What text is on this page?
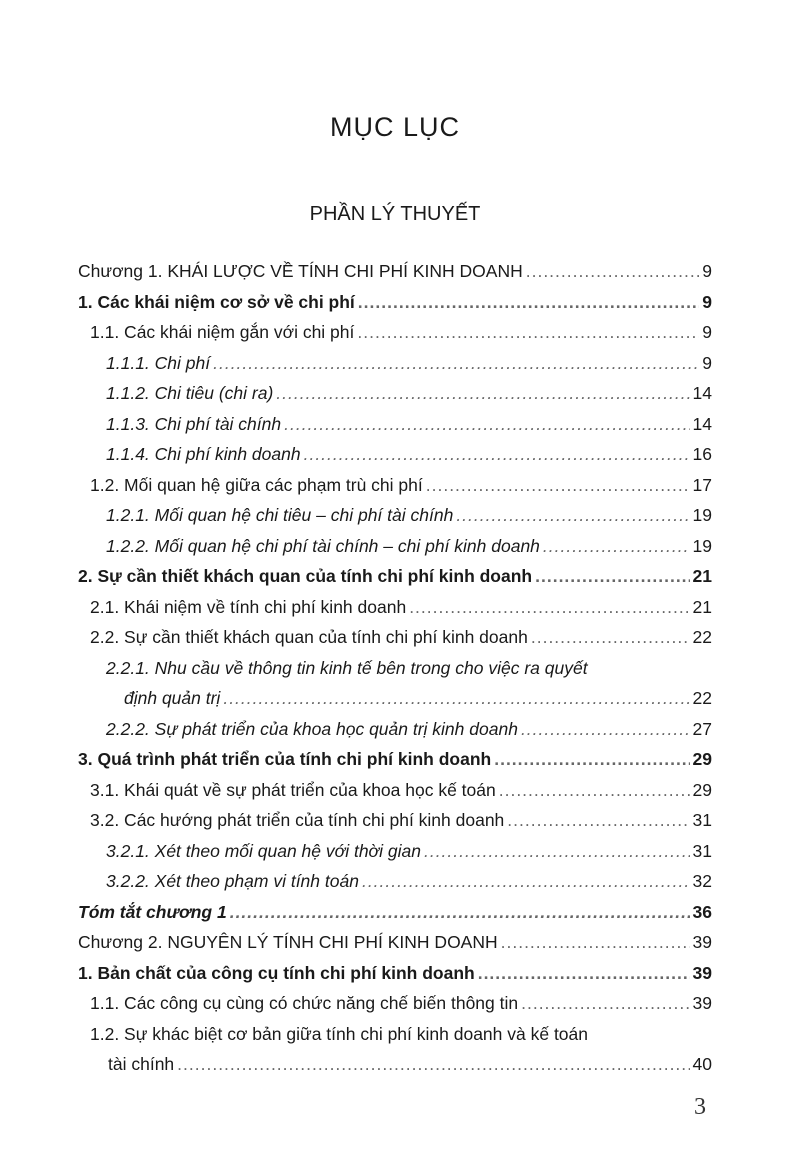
MỤC LỤC
PHẦN LÝ THUYẾT
Chương 1. KHÁI LƯỢC VỀ TÍNH CHI PHÍ KINH DOANH .....	9
1. Các khái niệm cơ sở về chi phí .....	9
1.1. Các khái niệm gắn với chi phí .....	9
1.1.1. Chi phí .....	9
1.1.2. Chi tiêu (chi ra) .....	14
1.1.3. Chi phí tài chính .....	14
1.1.4. Chi phí kinh doanh .....	16
1.2. Mối quan hệ giữa các phạm trù chi phí .....	17
1.2.1. Mối quan hệ chi tiêu – chi phí tài chính .....	19
1.2.2. Mối quan hệ chi phí tài chính – chi phí kinh doanh .....	19
2. Sự cần thiết khách quan của tính chi phí kinh doanh .....	21
2.1. Khái niệm về tính chi phí kinh doanh .....	21
2.2. Sự cần thiết khách quan của tính chi phí kinh doanh .....	22
2.2.1. Nhu cầu về thông tin kinh tế bên trong cho việc ra quyết
định quản trị .....	22
2.2.2. Sự phát triển của khoa học quản trị kinh doanh .....	27
3. Quá trình phát triển của tính chi phí kinh doanh .....	29
3.1. Khái quát về sự phát triển của khoa học kế toán .....	29
3.2. Các hướng phát triển của tính chi phí kinh doanh .....	31
3.2.1. Xét theo mối quan hệ với thời gian .....	31
3.2.2. Xét theo phạm vi tính toán .....	32
Tóm tắt chương 1 .....	36
Chương 2. NGUYÊN LÝ TÍNH CHI PHÍ KINH DOANH .....	39
1. Bản chất của công cụ tính chi phí kinh doanh .....	39
1.1. Các công cụ cùng có chức năng chế biến thông tin .....	39
1.2. Sự khác biệt cơ bản giữa tính chi phí kinh doanh và kế toán
tài chính .....	40
3
